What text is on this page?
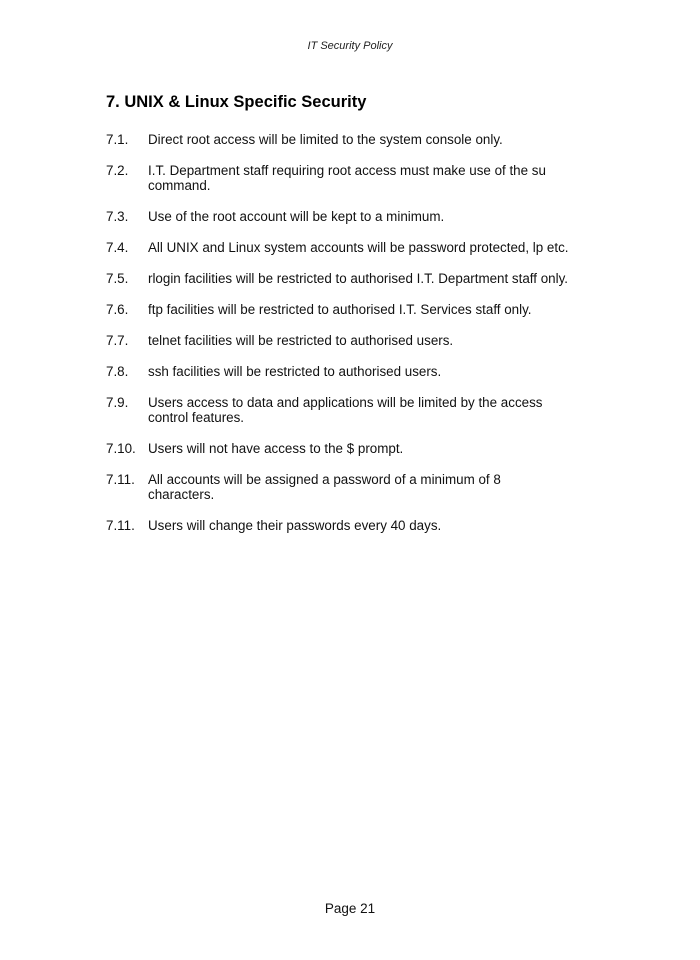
IT Security Policy
7. UNIX & Linux Specific Security
7.1.	Direct root access will be limited to the system console only.
7.2.	I.T. Department staff requiring root access must make use of the su command.
7.3.	Use of the root account will be kept to a minimum.
7.4.	All UNIX and Linux system accounts will be password protected, lp etc.
7.5.	rlogin facilities will be restricted to authorised I.T. Department staff only.
7.6.	ftp facilities will be restricted to authorised I.T. Services staff only.
7.7.	telnet facilities will be restricted to authorised users.
7.8.	ssh facilities will be restricted to authorised users.
7.9.	Users access to data and applications will be limited by the access control features.
7.10. Users will not have access to the $ prompt.
7.11. All accounts will be assigned a password of a minimum of 8 characters.
7.11. Users will change their passwords every 40 days.
Page 21
